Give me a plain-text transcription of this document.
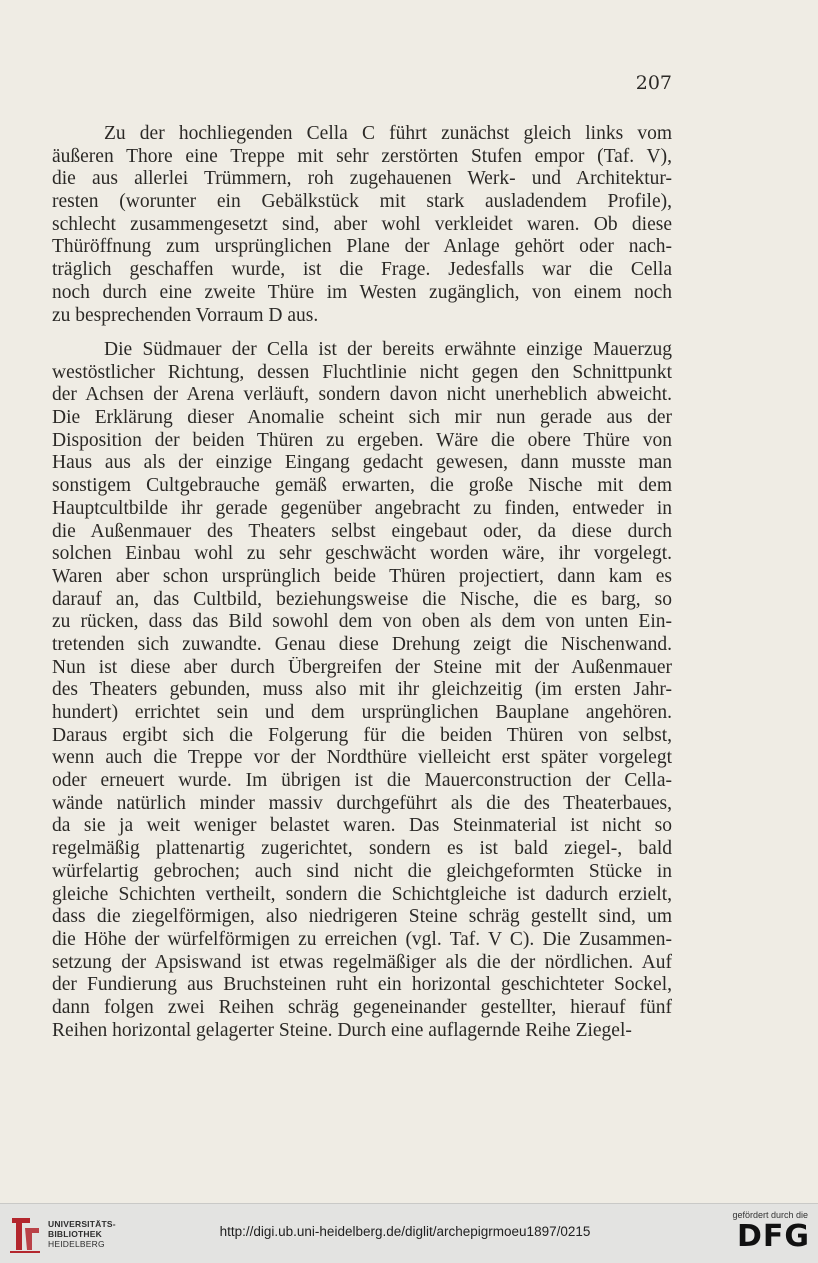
207

Zu der hochliegenden Cella C führt zunächst gleich links vom
äußeren Thore eine Treppe mit sehr zerstörten Stufen empor (Taf. V),
die aus allerlei Trümmern, roh zugehauenen Werk- und Architektur-
resten (worunter ein Gebälkstück mit stark ausladendem Profile),
schlecht zusammengesetzt sind, aber wohl verkleidet waren. Ob diese
Thüröffnung zum ursprünglichen Plane der Anlage gehört oder nach-
träglich geschaffen wurde, ist die Frage. Jedesfalls war die Cella
noch durch eine zweite Thüre im Westen zugänglich, von einem noch
zu besprechenden Vorraum D aus.

Die Südmauer der Cella ist der bereits erwähnte einzige Mauerzug
westöstlicher Richtung, dessen Fluchtlinie nicht gegen den Schnittpunkt
der Achsen der Arena verläuft, sondern davon nicht unerheblich abweicht.
Die Erklärung dieser Anomalie scheint sich mir nun gerade aus der
Disposition der beiden Thüren zu ergeben. Wäre die obere Thüre von
Haus aus als der einzige Eingang gedacht gewesen, dann musste man
sonstigem Cultgebrauche gemäß erwarten, die große Nische mit dem
Hauptcultbilde ihr gerade gegenüber angebracht zu finden, entweder in
die Außenmauer des Theaters selbst eingebaut oder, da diese durch
solchen Einbau wohl zu sehr geschwächt worden wäre, ihr vorgelegt.
Waren aber schon ursprünglich beide Thüren projectiert, dann kam es
darauf an, das Cultbild, beziehungsweise die Nische, die es barg, so
zu rücken, dass das Bild sowohl dem von oben als dem von unten Ein-
tretenden sich zuwandte. Genau diese Drehung zeigt die Nischenwand.
Nun ist diese aber durch Übergreifen der Steine mit der Außenmauer
des Theaters gebunden, muss also mit ihr gleichzeitig (im ersten Jahr-
hundert) errichtet sein und dem ursprünglichen Bauplane angehören.
Daraus ergibt sich die Folgerung für die beiden Thüren von selbst,
wenn auch die Treppe vor der Nordthüre vielleicht erst später vorgelegt
oder erneuert wurde. Im übrigen ist die Mauerconstruction der Cella-
wände natürlich minder massiv durchgeführt als die des Theaterbaues,
da sie ja weit weniger belastet waren. Das Steinmaterial ist nicht so
regelmäßig plattenartig zugerichtet, sondern es ist bald ziegel-, bald
würfelartig gebrochen; auch sind nicht die gleichgeformten Stücke in
gleiche Schichten vertheilt, sondern die Schichtgleiche ist dadurch erzielt,
dass die ziegelförmigen, also niedrigeren Steine schräg gestellt sind, um
die Höhe der würfelförmigen zu erreichen (vgl. Taf. V C). Die Zusammen-
setzung der Apsiswand ist etwas regelmäßiger als die der nördlichen. Auf
der Fundierung aus Bruchsteinen ruht ein horizontal geschichteter Sockel,
dann folgen zwei Reihen schräg gegeneinander gestellter, hierauf fünf
Reihen horizontal gelagerter Steine. Durch eine auflagernde Reihe Ziegel-

UNIVERSITÄTS-
BIBLIOTHEK
HEIDELBERG
http://digi.ub.uni-heidelberg.de/diglit/archepigrmoeu1897/0215
gefördert durch die
DFG
